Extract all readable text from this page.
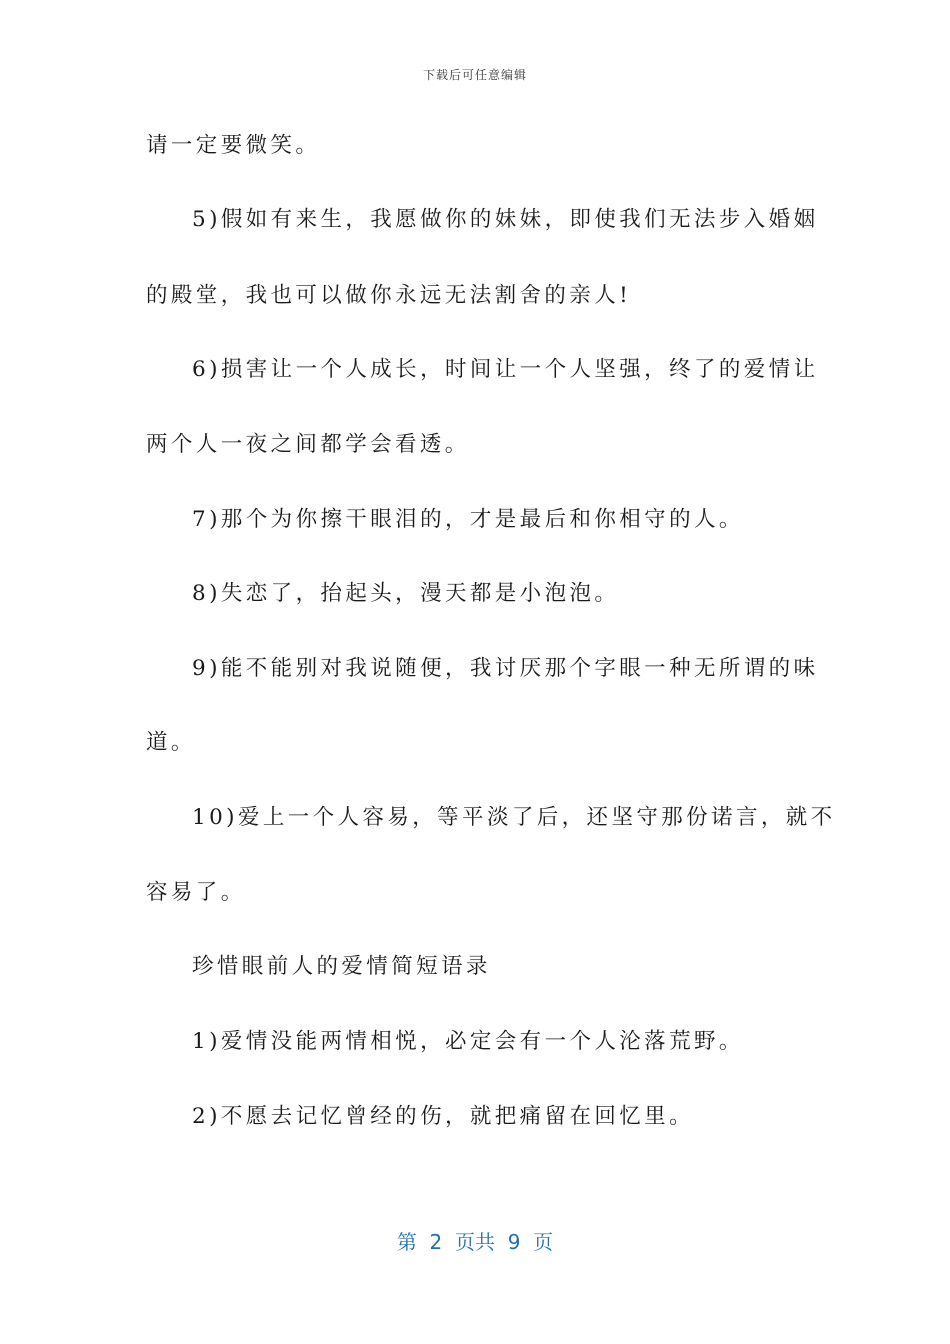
下载后可任意编辑
请一定要微笑。
5)假如有来生，我愿做你的妹妹，即使我们无法步入婚姻
的殿堂，我也可以做你永远无法割舍的亲人!
6)损害让一个人成长，时间让一个人坚强，终了的爱情让
两个人一夜之间都学会看透。
7)那个为你擦干眼泪的，才是最后和你相守的人。
8)失恋了，抬起头，漫天都是小泡泡。
9)能不能别对我说随便，我讨厌那个字眼一种无所谓的味
道。
10)爱上一个人容易，等平淡了后，还坚守那份诺言，就不
容易了。
珍惜眼前人的爱情简短语录
1)爱情没能两情相悦，必定会有一个人沦落荒野。
2)不愿去记忆曾经的伤，就把痛留在回忆里。
第  2  页共  9  页
